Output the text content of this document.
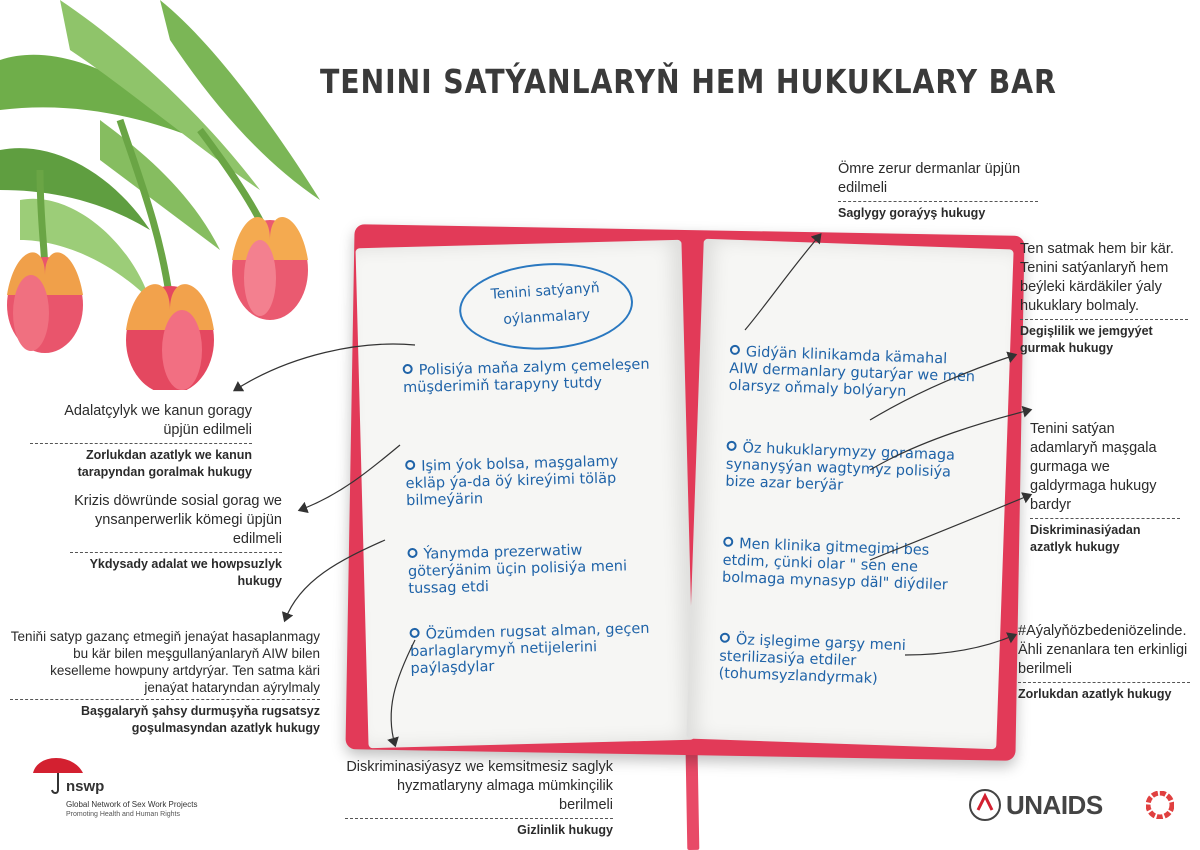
TENINI SATÝANLARYŇ HEM HUKUKLARY BAR
Tenini satýanyň
oýlanmalary
Polisiýa maňa zalym çemeleşen müşderimiň tarapyny tutdy
Işim ýok bolsa, maşgalamy ekläp ýa-da öý kireýimi töläp bilmeýärin
Ýanymda prezerwatiw göterýänim üçin polisiýa meni tussag etdi
Özümden rugsat alman, geçen barlaglarymyň netijelerini paýlaşdylar
Gidýän klinikamda kämahal AIW dermanlary gutarýar we men olarsyz oňmaly bolýaryn
Öz hukuklarymyzy goramaga synanyşýan wagtymyz polisiýa bize azar berýär
Men klinika gitmegimi bes etdim, çünki olar " sen ene bolmaga mynasyp däl" diýdiler
Öz işlegime garşy meni sterilizasiýa etdiler (tohumsyzlandyrmak)
Ömre zerur dermanlar üpjün edilmeli
Saglygy goraýyş hukugy
Ten satmak hem bir kär. Tenini satýanlaryň hem beýleki kärdäkiler ýaly hukuklary bolmaly.
Degişlilik we jemgyýet gurmak hukugy
Tenini satýan adamlaryň maşgala gurmaga we galdyrmaga hukugy bardyr
Diskriminasiýadan azatlyk hukugy
#Aýalyňözbedeniözelinde. Ähli zenanlara ten erkinligi berilmeli
Zorlukdan azatlyk hukugy
Adalatçylyk we kanun goragy üpjün edilmeli
Zorlukdan azatlyk we kanun tarapyndan goralmak hukugy
Krizis döwründe sosial gorag we ynsanperwerlik kömegi üpjün edilmeli
Ykdysady adalat we howpsuzlyk hukugy
Teniňi satyp gazanç etmegiň jenaýat hasaplanmagy bu kär bilen meşgullanýanlaryň AIW bilen keselleme howpuny artdyrýar. Ten satma käri jenaýat hataryndan aýrylmaly
Başgalaryň şahsy durmuşyňa rugsatsyz goşulmasyndan azatlyk hukugy
Diskriminasiýasyz we kemsitmesiz saglyk hyzmatlaryny almaga mümkinçilik berilmeli
Gizlinlik hukugy
nswp
Global Network of Sex Work Projects
Promoting Health and Human Rights	UNAIDS
